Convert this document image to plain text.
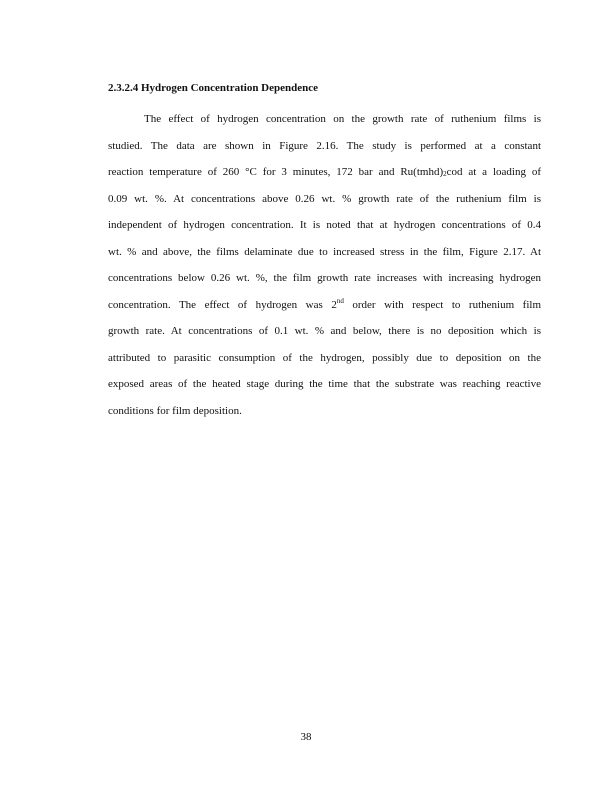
2.3.2.4 Hydrogen Concentration Dependence
The effect of hydrogen concentration on the growth rate of ruthenium films is
studied. The data are shown in Figure 2.16. The study is performed at a constant
reaction temperature of 260 °C for 3 minutes, 172 bar and $Ru(tmhd)_2cod$ at a loading of
0.09 wt. %. At concentrations above 0.26 wt. % growth rate of the ruthenium film is
independent of hydrogen concentration. It is noted that at hydrogen concentrations of 0.4
wt. % and above, the films delaminate due to increased stress in the film, Figure 2.17. At
concentrations below 0.26 wt. %, the film growth rate increases with increasing hydrogen
concentration. The effect of hydrogen was 2nd order with respect to ruthenium film
growth rate. At concentrations of 0.1 wt. % and below, there is no deposition which is
attributed to parasitic consumption of the hydrogen, possibly due to deposition on the
exposed areas of the heated stage during the time that the substrate was reaching reactive
conditions for film deposition.
38
